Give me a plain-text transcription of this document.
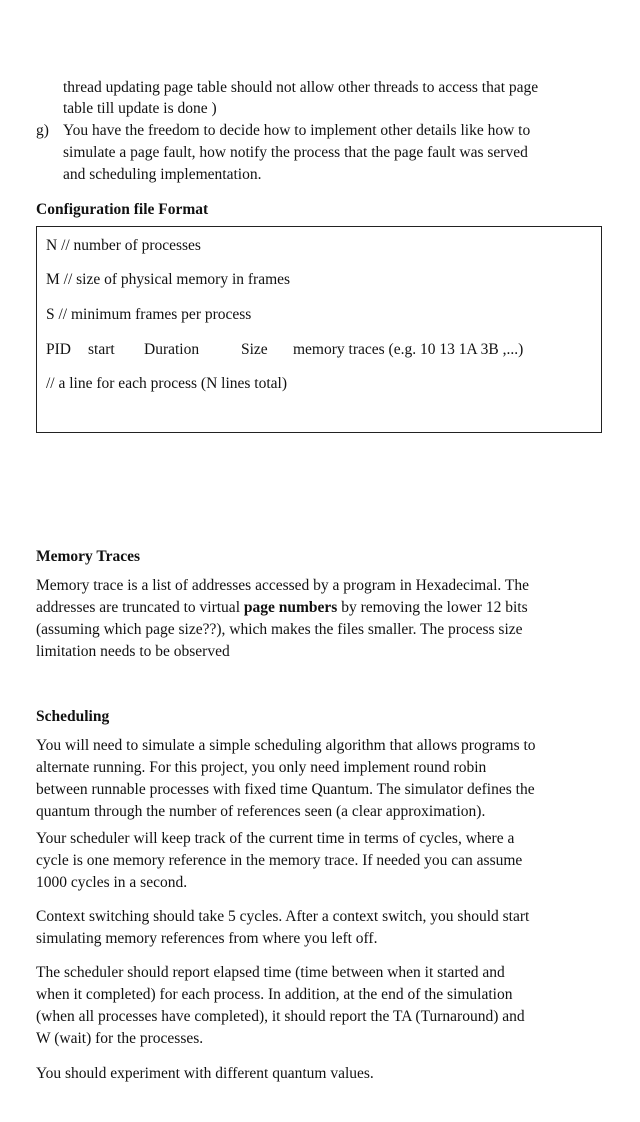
thread updating page table should not allow other threads to access that page
table till update is done )
g) You have the freedom to decide how to implement other details like how to
simulate a page fault, how notify the process that the page fault was served
and scheduling implementation.
Configuration file Format
N // number of processes
M // size of physical memory in frames
S // minimum frames per process
PID start Duration	Size memory traces (e.g. 10 13 1A 3B ,...)
// a line for each process (N lines total)
Memory Traces
Memory trace is a list of addresses accessed by a program in Hexadecimal. The
addresses are truncated to virtual page numbers by removing the lower 12 bits
(assuming which page size??), which makes the files smaller. The process size
limitation needs to be observed
Scheduling
You will need to simulate a simple scheduling algorithm that allows programs to
alternate running. For this project, you only need implement round robin
between runnable processes with fixed time Quantum. The simulator defines the
quantum through the number of references seen (a clear approximation).
Your scheduler will keep track of the current time in terms of cycles, where a
cycle is one memory reference in the memory trace. If needed you can assume
1000 cycles in a second.
Context switching should take 5 cycles. After a context switch, you should start
simulating memory references from where you left off.
The scheduler should report elapsed time (time between when it started and
when it completed) for each process. In addition, at the end of the simulation
(when all processes have completed), it should report the TA (Turnaround) and
W (wait) for the processes.
You should experiment with different quantum values.
